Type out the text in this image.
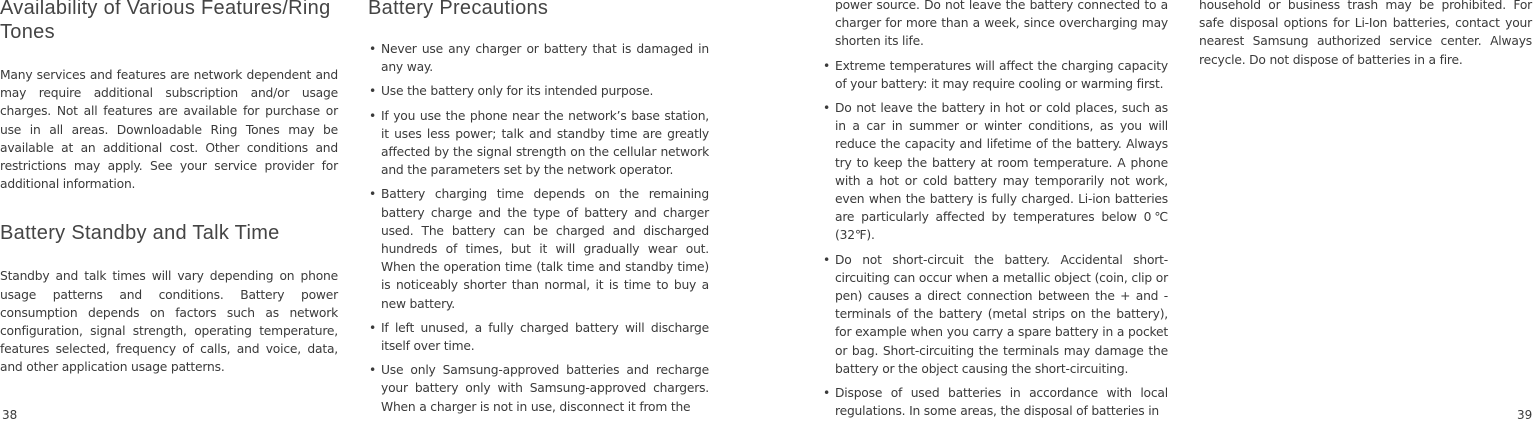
Availability of Various Features/Ring Tones

Many services and features are network dependent and may require additional subscription and/or usage charges. Not all features are available for purchase or use in all areas. Downloadable Ring Tones may be available at an additional cost. Other conditions and restrictions may apply. See your service provider for additional information.

Battery Standby and Talk Time

Standby and talk times will vary depending on phone usage patterns and conditions. Battery power consumption depends on factors such as network configuration, signal strength, operating temperature, features selected, frequency of calls, and voice, data, and other application usage patterns.

Battery Precautions
• Never use any charger or battery that is damaged in any way.
• Use the battery only for its intended purpose.
• If you use the phone near the network’s base station, it uses less power; talk and standby time are greatly affected by the signal strength on the cellular network and the parameters set by the network operator.
• Battery charging time depends on the remaining battery charge and the type of battery and charger used. The battery can be charged and discharged hundreds of times, but it will gradually wear out. When the operation time (talk time and standby time) is noticeably shorter than normal, it is time to buy a new battery.
• If left unused, a fully charged battery will discharge itself over time.
• Use only Samsung-approved batteries and recharge your battery only with Samsung-approved chargers. When a charger is not in use, disconnect it from the
38

power source. Do not leave the battery connected to a charger for more than a week, since overcharging may shorten its life.

• Extreme temperatures will affect the charging capacity of your battery: it may require cooling or warming first.
• Do not leave the battery in hot or cold places, such as in a car in summer or winter conditions, as you will reduce the capacity and lifetime of the battery. Always try to keep the battery at room temperature. A phone with a hot or cold battery may temporarily not work, even when the battery is fully charged. Li-ion batteries are particularly affected by temperatures below 0℃ (32℉).
• Do not short-circuit the battery. Accidental short-circuiting can occur when a metallic object (coin, clip or pen) causes a direct connection between the + and - terminals of the battery (metal strips on the battery), for example when you carry a spare battery in a pocket or bag. Short-circuiting the terminals may damage the battery or the object causing the short-circuiting.
• Dispose of used batteries in accordance with local regulations. In some areas, the disposal of batteries in

household or business trash may be prohibited. For safe disposal options for Li-Ion batteries, contact your nearest Samsung authorized service center. Always recycle. Do not dispose of batteries in a fire.

39
